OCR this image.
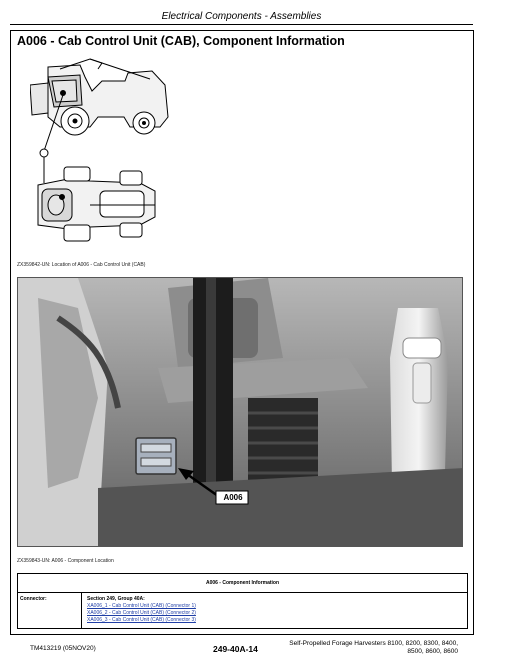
Electrical Components - Assemblies
A006 - Cab Control Unit (CAB), Component Information
ZX359842-UN: Location of A006 - Cab Control Unit (CAB)
A006
ZX359843-UN: A006 - Component Location
A006 - Component Information
Connector:	Section 249, Group 40A:
XA006_1 - Cab Control Unit (CAB) (Connector 1)
XA006_2 - Cab Control Unit (CAB) (Connector 2)
XA006_3 - Cab Control Unit (CAB) (Connector 3)
TM413219 (05NOV20)	249-40A-14
Self-Propelled Forage Harvesters 8100, 8200, 8300, 8400,
8500, 8600, 8600
